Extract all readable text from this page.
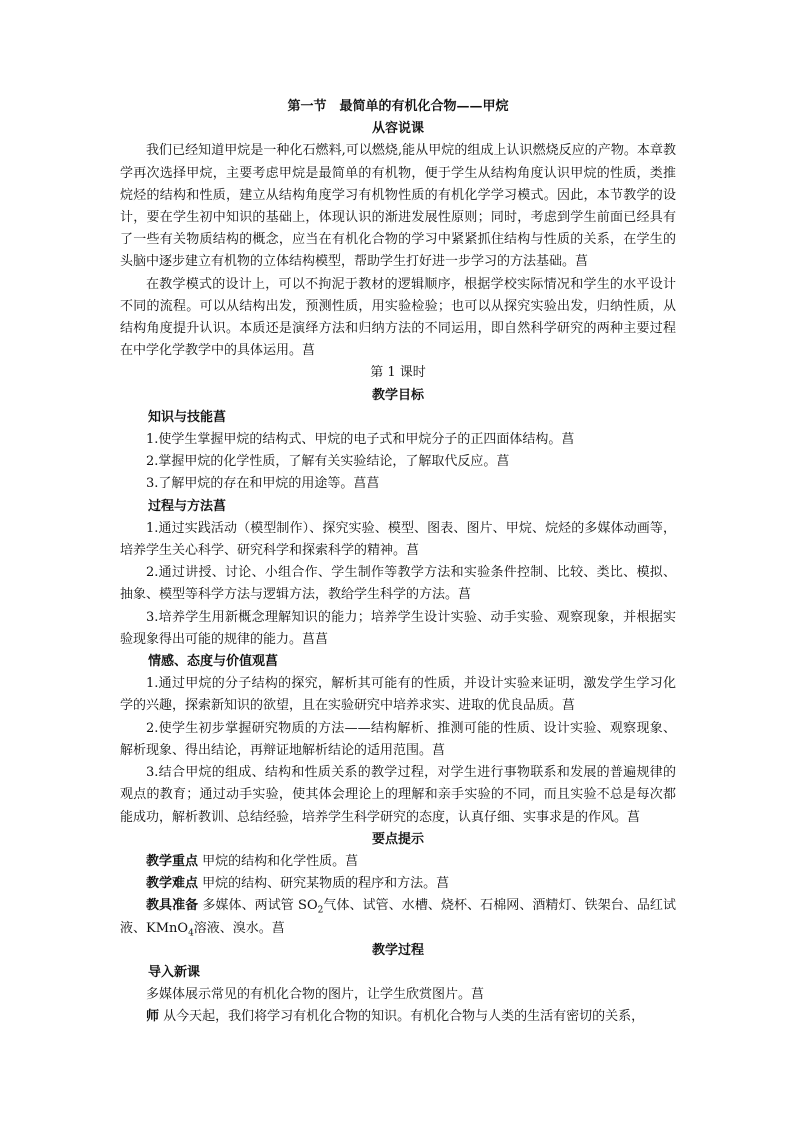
第一节　最简单的有机化合物——甲烷
从容说课

我们已经知道甲烷是一种化石燃料,可以燃烧,能从甲烷的组成上认识燃烧反应的产物。本章教学再次选择甲烷，主要考虑甲烷是最简单的有机物，便于学生从结构角度认识甲烷的性质，类推烷烃的结构和性质，建立从结构角度学习有机物性质的有机化学学习模式。因此，本节教学的设计，要在学生初中知识的基础上，体现认识的渐进发展性原则；同时，考虑到学生前面已经具有了一些有关物质结构的概念，应当在有机化合物的学习中紧紧抓住结构与性质的关系，在学生的头脑中逐步建立有机物的立体结构模型，帮助学生打好进一步学习的方法基础。菖

在教学模式的设计上，可以不拘泥于教材的逻辑顺序，根据学校实际情况和学生的水平设计不同的流程。可以从结构出发，预测性质，用实验检验；也可以从探究实验出发，归纳性质，从结构角度提升认识。本质还是演绎方法和归纳方法的不同运用，即自然科学研究的两种主要过程在中学化学教学中的具体运用。菖

第 1 课时
教学目标
知识与技能菖

1.使学生掌握甲烷的结构式、甲烷的电子式和甲烷分子的正四面体结构。菖

2.掌握甲烷的化学性质，了解有关实验结论，了解取代反应。菖

3.了解甲烷的存在和甲烷的用途等。菖菖

过程与方法菖

1.通过实践活动（模型制作）、探究实验、模型、图表、图片、甲烷、烷烃的多媒体动画等，培养学生关心科学、研究科学和探索科学的精神。菖

2.通过讲授、讨论、小组合作、学生制作等教学方法和实验条件控制、比较、类比、模拟、抽象、模型等科学方法与逻辑方法，教给学生科学的方法。菖

3.培养学生用新概念理解知识的能力；培养学生设计实验、动手实验、观察现象，并根据实验现象得出可能的规律的能力。菖菖

情感、态度与价值观菖

1.通过甲烷的分子结构的探究，解析其可能有的性质，并设计实验来证明，激发学生学习化学的兴趣，探索新知识的欲望，且在实验研究中培养求实、进取的优良品质。菖

2.使学生初步掌握研究物质的方法——结构解析、推测可能的性质、设计实验、观察现象、解析现象、得出结论，再辩证地解析结论的适用范围。菖

3.结合甲烷的组成、结构和性质关系的教学过程，对学生进行事物联系和发展的普遍规律的观点的教育；通过动手实验，使其体会理论上的理解和亲手实验的不同，而且实验不总是每次都能成功，解析教训、总结经验，培养学生科学研究的态度，认真仔细、实事求是的作风。菖

要点提示

教学重点 甲烷的结构和化学性质。菖

教学难点 甲烷的结构、研究某物质的程序和方法。菖

教具准备 多媒体、两试管 $SO_2$气体、试管、水槽、烧杯、石棉网、酒精灯、铁架台、品红试液、KMnO$_4$溶液、溴水。菖

教学过程
导入新课

多媒体展示常见的有机化合物的图片，让学生欣赏图片。菖

师 从今天起，我们将学习有机化合物的知识。有机化合物与人类的生活有密切的关系，
